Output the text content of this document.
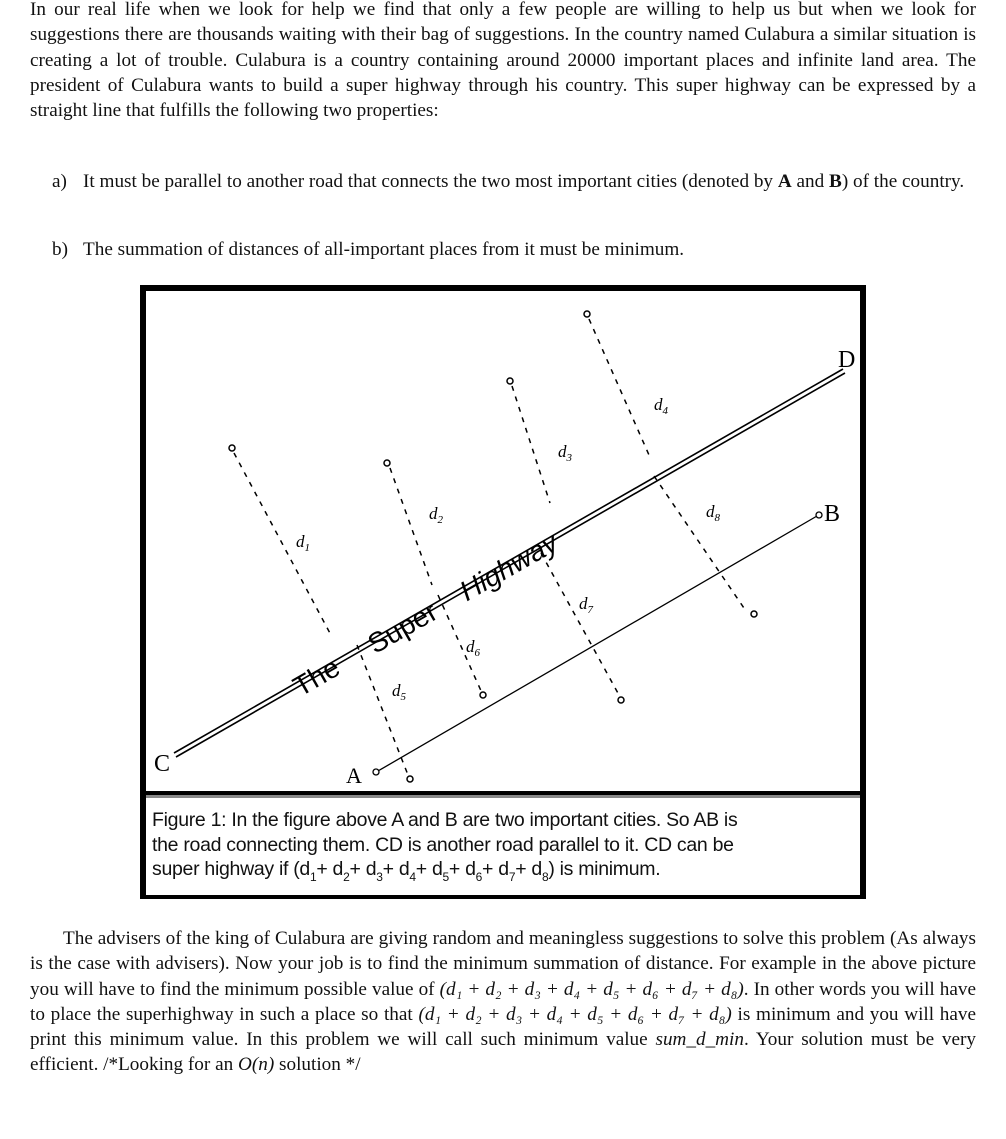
In our real life when we look for help we find that only a few people are willing to help us but when we look for suggestions there are thousands waiting with their bag of suggestions. In the country named Culabura a similar situation is creating a lot of trouble. Culabura is a country containing around 20000 important places and infinite land area. The president of Culabura wants to build a super highway through his country. This super highway can be expressed by a straight line that fulfills the following two properties:

a) It must be parallel to another road that connects the two most important cities (denoted by A and B) of the country.
b) The summation of distances of all-important places from it must be minimum.
C
D
A
B
$d_1$
$d_2$
$d_3$
$d_4$
$d_5$
$d_6$
$d_7$
$d_8$
The
Super
Highway
Figure 1: In the figure above A and B are two important cities. So AB is
the road connecting them. CD is another road parallel to it. CD can be
super highway if $(d_1+ d_2+ d_3+ d_4+ d_5+ d_6+ d_7+ d_8)$ is minimum.

The advisers of the king of Culabura are giving random and meaningless suggestions to solve this problem (As always is the case with advisers). Now your job is to find the minimum summation of distance. For example in the above picture you will have to find the minimum possible value of (d₁ + d₂ + d₃ + d₄ + d₅ + d₆ + d₇ + d₈). In other words you will have to place the superhighway in such a place so that (d₁ + d₂ + d₃ + d₄ + d₅ + d₆ + d₇ + d₈) is minimum and you will have print this minimum value. In this problem we will call such minimum value sum_d_min. Your solution must be very efficient. /*Looking for an O(n) solution */
